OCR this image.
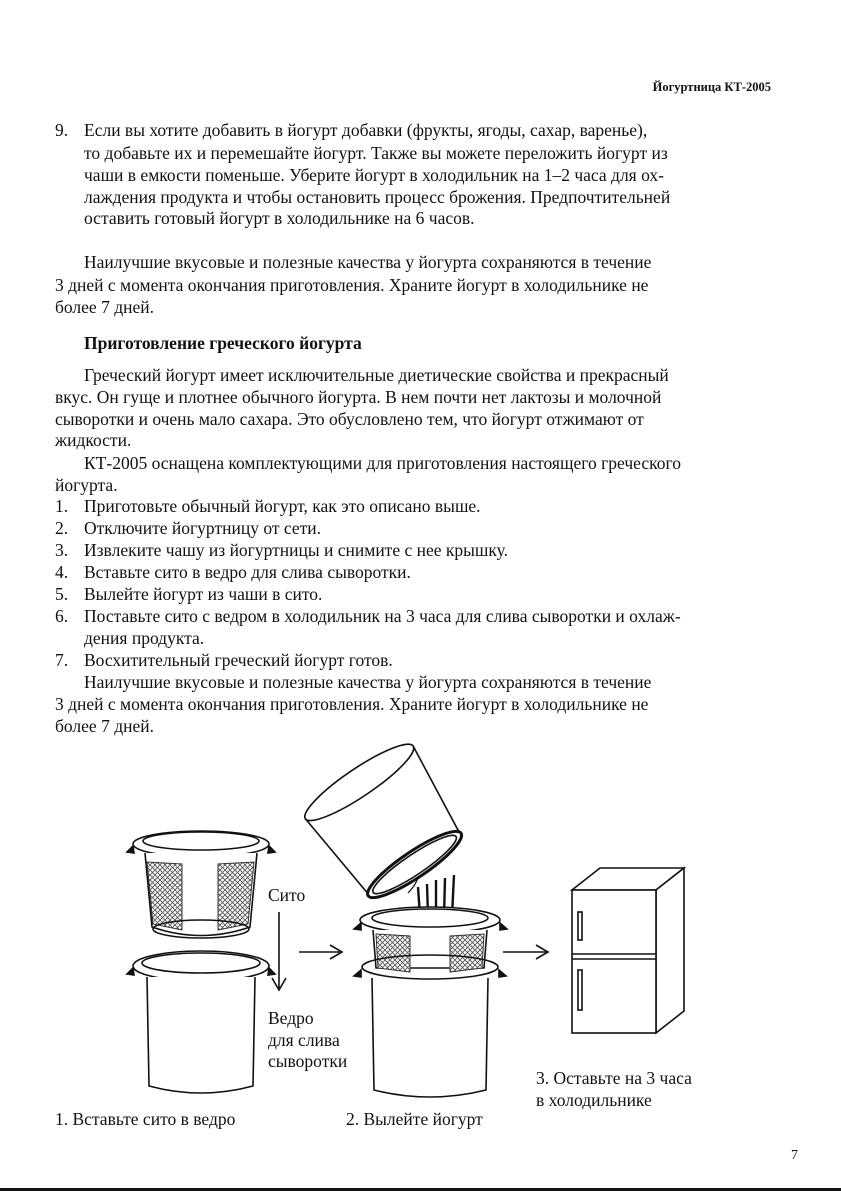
Йогуртница КТ-2005
9. Если вы хотите добавить в йогурт добавки (фрукты, ягоды, сахар, варенье),
то добавьте их и перемешайте йогурт. Также вы можете переложить йогурт из
чаши в емкости поменьше. Уберите йогурт в холодильник на 1–2 часа для ох-
лаждения продукта и чтобы остановить процесс брожения. Предпочтительней
оставить готовый йогурт в холодильнике на 6 часов.
Наилучшие вкусовые и полезные качества у йогурта сохраняются в течение
3 дней с момента окончания приготовления. Храните йогурт в холодильнике не
более 7 дней.
Приготовление греческого йогурта
Греческий йогурт имеет исключительные диетические свойства и прекрасный
вкус. Он гуще и плотнее обычного йогурта. В нем почти нет лактозы и молочной
сыворотки и очень мало сахара. Это обусловлено тем, что йогурт отжимают от
жидкости.
КТ-2005 оснащена комплектующими для приготовления настоящего греческого
йогурта.
1. Приготовьте обычный йогурт, как это описано выше.
2. Отключите йогуртницу от сети.
3. Извлеките чашу из йогуртницы и снимите с нее крышку.
4. Вставьте сито в ведро для слива сыворотки.
5. Вылейте йогурт из чаши в сито.
6. Поставьте сито с ведром в холодильник на 3 часа для слива сыворотки и охлаж-
дения продукта.
7. Восхитительный греческий йогурт готов.
Наилучшие вкусовые и полезные качества у йогурта сохраняются в течение
3 дней с момента окончания приготовления. Храните йогурт в холодильнике не
более 7 дней.
Сито
Ведро
для слива
сыворотки
3. Оставьте на 3 часа
в холодильнике
1. Вставьте сито в ведро	2. Вылейте йогурт
7
